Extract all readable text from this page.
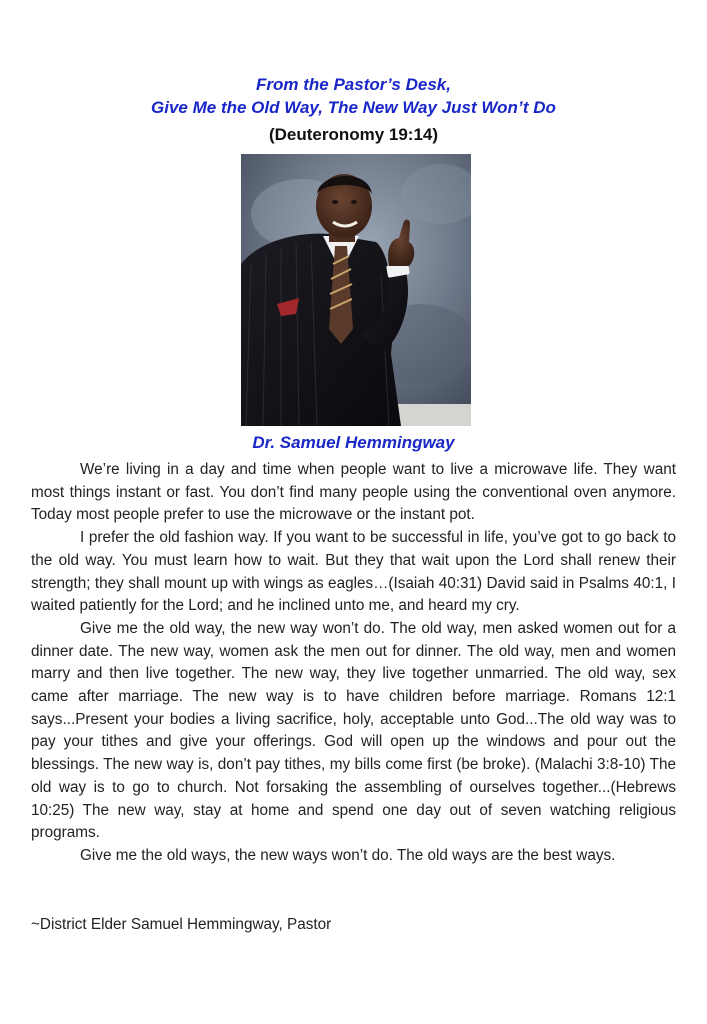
From the Pastor’s Desk,
Give Me the Old Way, The New Way Just Won’t Do
(Deuteronomy 19:14)
Dr. Samuel Hemmingway

We’re living in a day and time when people want to live a microwave life. They want most things instant or fast. You don’t find many people using the conventional oven anymore. Today most people prefer to use the microwave or the instant pot.

I prefer the old fashion way. If you want to be successful in life, you’ve got to go back to the old way. You must learn how to wait. But they that wait upon the Lord shall renew their strength; they shall mount up with wings as eagles…(Isaiah 40:31) David said in Psalms 40:1, I waited patiently for the Lord; and he inclined unto me, and heard my cry.

Give me the old way, the new way won’t do. The old way, men asked women out for a dinner date. The new way, women ask the men out for dinner. The old way, men and women marry and then live together. The new way, they live together unmarried. The old way, sex came after marriage. The new way is to have children before marriage. Romans 12:1 says...Present your bodies a living sacrifice, holy, acceptable unto God...The old way was to pay your tithes and give your offerings. God will open up the windows and pour out the blessings. The new way is, don’t pay tithes, my bills come first (be broke). (Malachi 3:8-10) The old way is to go to church. Not forsaking the assembling of ourselves together...(Hebrews 10:25) The new way, stay at home and spend one day out of seven watching religious programs.

Give me the old ways, the new ways won’t do. The old ways are the best ways.

~District Elder Samuel Hemmingway, Pastor
